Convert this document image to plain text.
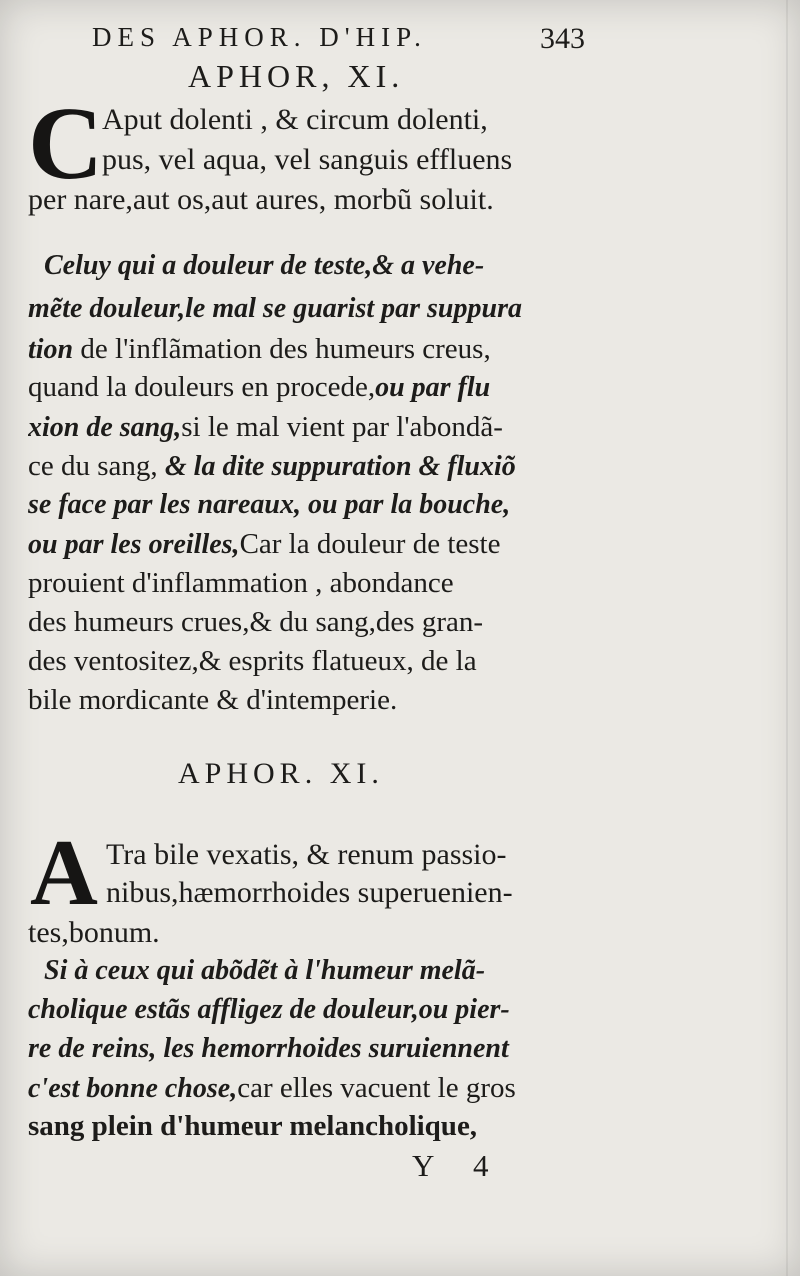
DES APHOR. D'HIP.	343
APHOR, XI.
C
Aput dolenti , & circum dolenti,
pus, vel aqua, vel sanguis effluens
per nare,aut os,aut aures, morbũ soluit.
Celuy qui a douleur de teste,& a vehe-
mẽte douleur,le mal se guarist par suppura
tion de l'inflãmation des humeurs creus,
quand la douleurs en procede,ou par flu
xion de sang,si le mal vient par l'abondã-
ce du sang, & la dite suppuration & fluxiõ
se face par les nareaux, ou par la bouche,
ou par les oreilles,Car la douleur de teste
prouient d'inflammation , abondance
des humeurs crues,& du sang,des gran-
des ventositez,& esprits flatueux, de la
bile mordicante & d'intemperie.
APHOR. XI.
A Tra bile vexatis, & renum passio-
nibus,hæmorrhoides superuenien-
tes,bonum.
Si à ceux qui abõdẽt à l'humeur melã-
cholique estãs affligez de douleur,ou pier-
re de reins, les hemorrhoides suruiennent
c'est bonne chose,car elles vacuent le gros
sang plein d'humeur melancholique,
Y 4
